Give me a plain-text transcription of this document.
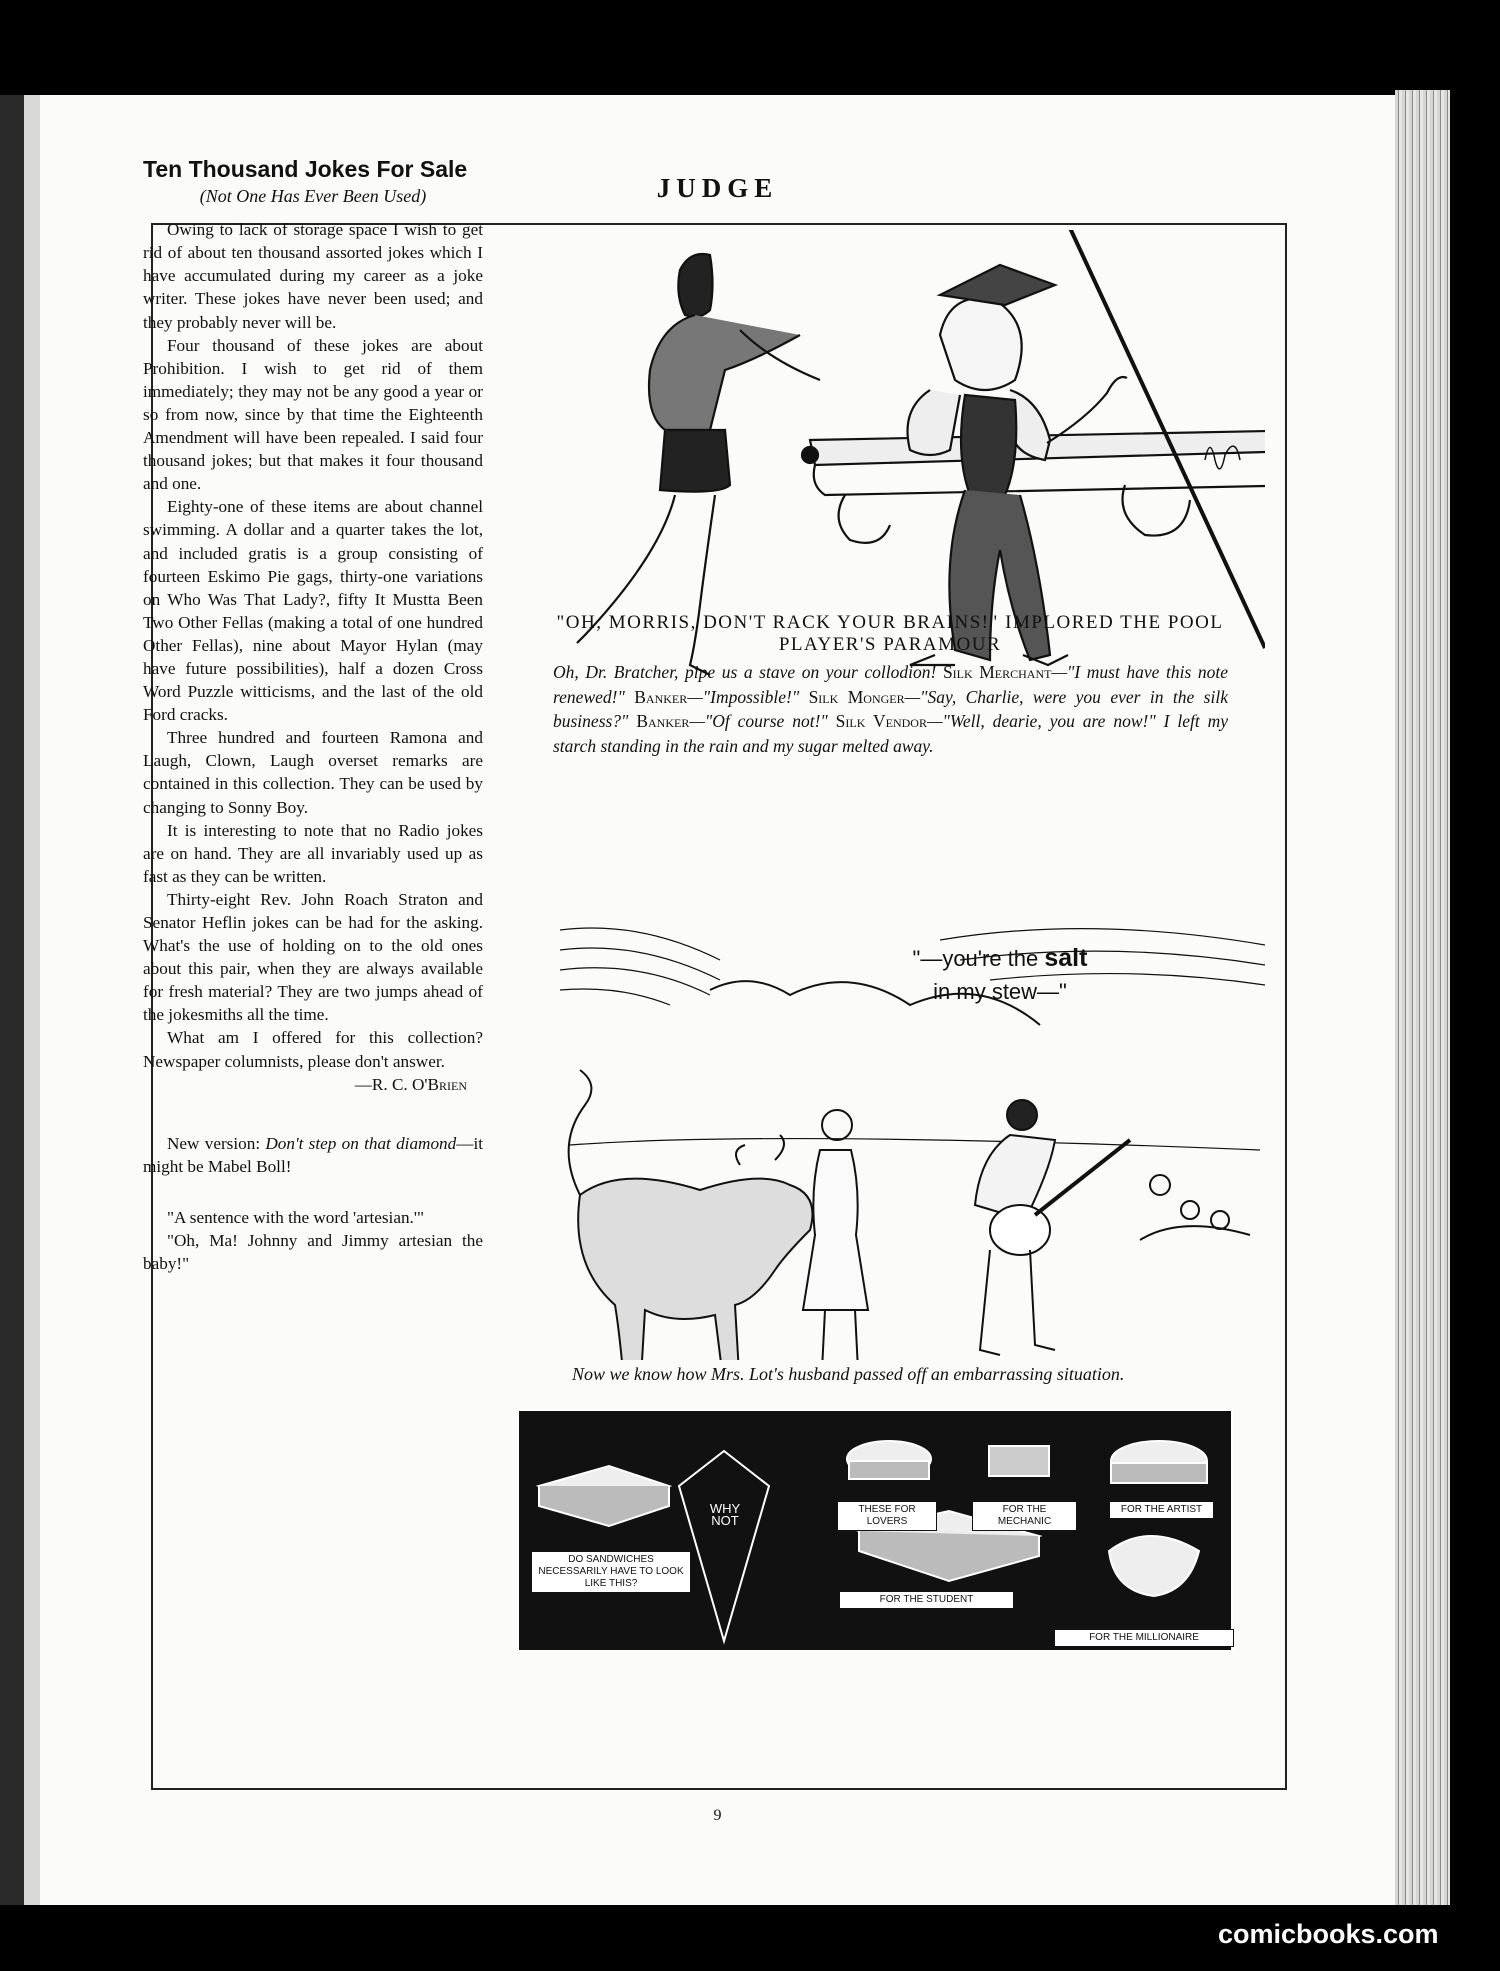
JUDGE
9
Ten Thousand Jokes For Sale
(Not One Has Ever Been Used)

Owing to lack of storage space I wish to get rid of about ten thousand assorted jokes which I have accumulated during my career as a joke writer. These jokes have never been used; and they probably never will be.

Four thousand of these jokes are about Prohibition. I wish to get rid of them immediately; they may not be any good a year or so from now, since by that time the Eighteenth Amendment will have been repealed. I said four thousand jokes; but that makes it four thousand and one.

Eighty-one of these items are about channel swimming. A dollar and a quarter takes the lot, and included gratis is a group consisting of fourteen Eskimo Pie gags, thirty-one variations on Who Was That Lady?, fifty It Mustta Been Two Other Fellas (making a total of one hundred Other Fellas), nine about Mayor Hylan (may have future possibilities), half a dozen Cross Word Puzzle witticisms, and the last of the old Ford cracks.

Three hundred and fourteen Ramona and Laugh, Clown, Laugh overset remarks are contained in this collection. They can be used by changing to Sonny Boy.

It is interesting to note that no Radio jokes are on hand. They are all invariably used up as fast as they can be written.

Thirty-eight Rev. John Roach Straton and Senator Heflin jokes can be had for the asking. What's the use of holding on to the old ones about this pair, when they are always available for fresh material? They are two jumps ahead of the jokesmiths all the time.

What am I offered for this collection? Newspaper columnists, please don't answer.

—R. C. O'Brien

New version: Don't step on that diamond—it might be Mabel Boll!

"A sentence with the word 'artesian.'"

"Oh, Ma! Johnny and Jimmy artesian the baby!"

"OH, MORRIS, DON'T RACK YOUR BRAINS!" IMPLORED THE POOL PLAYER'S PARAMOUR
Oh, Dr. Bratcher, pipe us a stave on your collodion! Silk Merchant—"I must have this note renewed!" Banker—"Impossible!" Silk Monger—"Say, Charlie, were you ever in the silk business?" Banker—"Of course not!" Silk Vendor—"Well, dearie, you are now!" I left my starch standing in the rain and my sugar melted away.
"—you're the salt
in my stew—"
Now we know how Mrs. Lot's husband passed off an embarrassing situation.
WHY NOT
DO SANDWICHES NECESSARILY HAVE TO LOOK LIKE THIS?
THESE FOR LOVERS
FOR THE MECHANIC
FOR THE ARTIST
FOR THE STUDENT
FOR THE MILLIONAIRE
comicbooks.com
